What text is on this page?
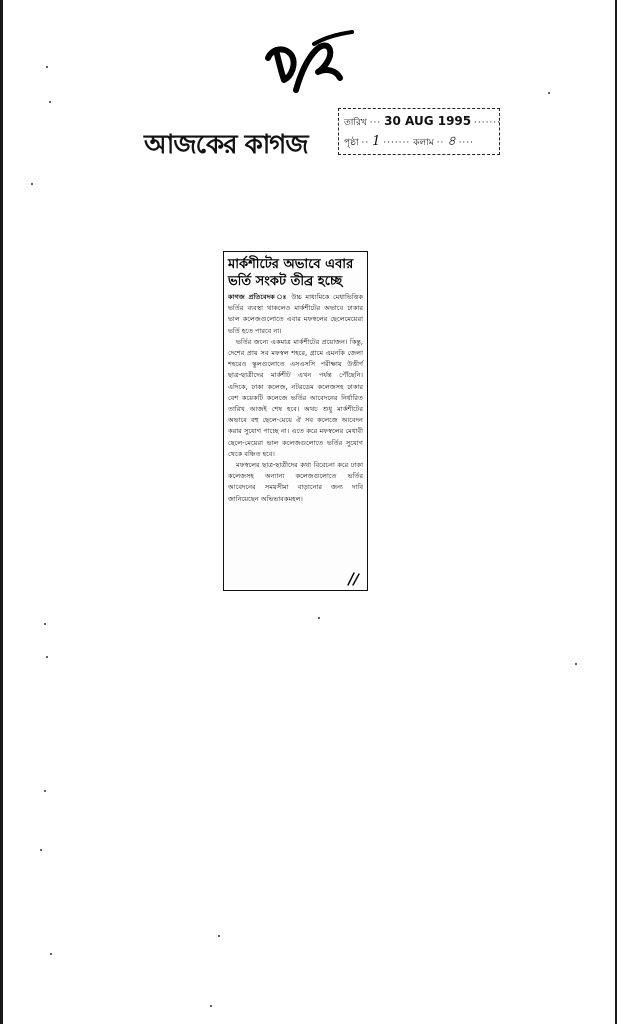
আজকের কাগজ
তারিখ ··· 30 AUG 1995 ·······
পৃষ্ঠা ·· 1 ······· কলাম ·· ৪ ····
মার্কশীটের অভাবে এবার
ভর্তি সংকট তীব্র হচ্ছে

কাগজ প্রতিবেদক ঃ উচ্চ মাধ্যমিকে মেধাভিত্তিক ভর্তির ব্যবস্থা থাকলেও মার্কশীটের অভাবে ঢাকার ভাল কলেজগুলোতে এবার মফস্বলের ছেলেমেয়েরা ভর্তি হতে পারবে না।

ভর্তির জন্যে একমাত্র মার্কশীটের প্রয়োজন। কিন্তু, দেশের প্রায় সব মফস্বল শহরে, গ্রামে এমনকি জেলা শহরেও স্কুলগুলোতে এসএসসি পরীক্ষায় উত্তীর্ণ ছাত্র-ছাত্রীদের মার্কশীট এখন পর্যন্ত পৌঁছেনি। এদিকে, ঢাকা কলেজ, নটরডেম কলেজসহ ঢাকার বেশ কয়েকটি কলেজে ভর্তির আবেদনের নির্ধারিত তারিখ আজই শেষ হবে। অথচ শুধু মার্কশীটের অভাবে বহু ছেলে-মেয়ে ঐ সব কলেজে আবেদন করার সুযোগ পাচ্ছে না। এতে করে মফস্বলের মেধাবী ছেলে-মেয়েরা ভাল কলেজগুলোতে ভর্তির সুযোগ থেকে বঞ্চিত হবে।

মফস্বলের ছাত্র-ছাত্রীদের কথা বিবেচনা করে ঢাকা কলেজসহ অন্যান্য কলেজগুলোতে ভর্তির আবেদনের সময়সীমা বাড়ানোর জন্য দাবি জানিয়েছেন অভিভাবকমহল।
